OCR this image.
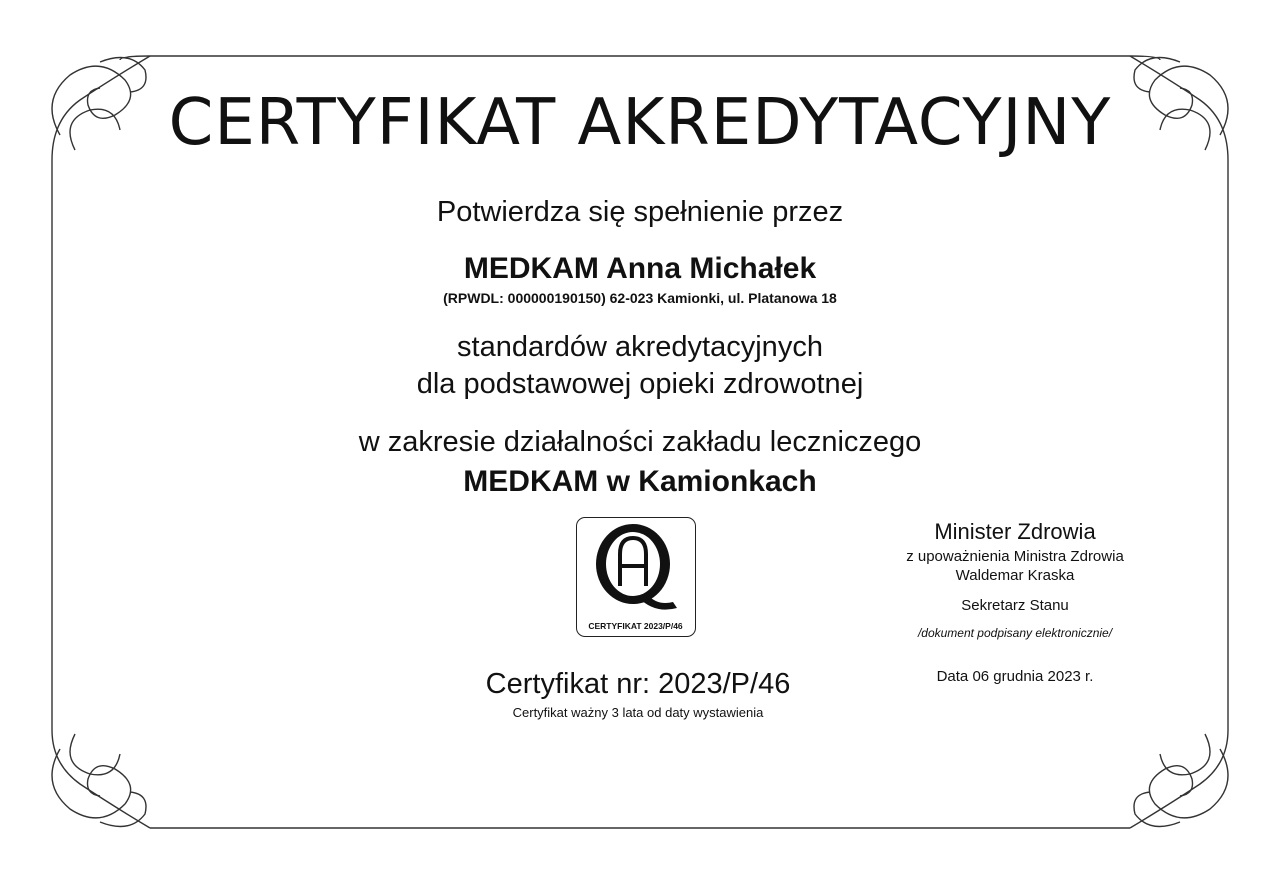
CERTYFIKAT AKREDYTACYJNY
Potwierdza się spełnienie przez
MEDKAM Anna Michałek
(RPWDL: 000000190150) 62-023 Kamionki, ul. Platanowa 18
standardów akredytacyjnych
dla podstawowej opieki zdrowotnej
w zakresie działalności zakładu leczniczego
MEDKAM w Kamionkach
CERTYFIKAT 2023/P/46
Certyfikat nr: 2023/P/46
Certyfikat ważny 3 lata od daty wystawienia
Minister Zdrowia
z upoważnienia Ministra Zdrowia
Waldemar Kraska
Sekretarz Stanu
/dokument podpisany elektronicznie/
Data 06 grudnia 2023 r.
